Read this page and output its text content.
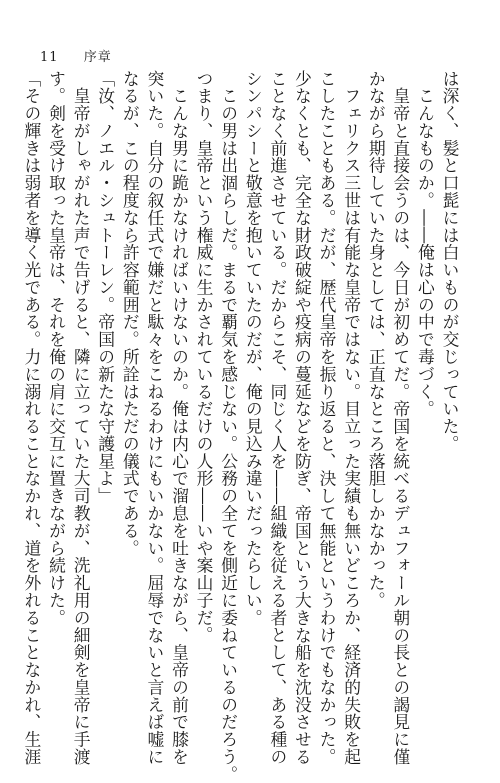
11 序章
は深く、髪と口髭には白いものが交じっていた。
　こんなものか。――俺は心の中で毒づく。
　皇帝と直接会うのは、今日が初めてだ。帝国を統べるデュフォール朝の長との謁見に僅
かながら期待していた身としては、正直なところ落胆しかなかった。
　フェリクス三世は有能な皇帝ではない。目立った実績も無いどころか、経済的失敗を起
こしたこともある。だが、歴代皇帝を振り返ると、決して無能というわけでもなかった。
少なくとも、完全な財政破綻や疫病の蔓延などを防ぎ、帝国という大きな船を沈没させる
ことなく前進させている。だからこそ、同じく人を――組織を従える者として、ある種の
シンパシーと敬意を抱いていたのだが、俺の見込み違いだったらしい。
　この男は出涸らしだ。まるで覇気を感じない。公務の全てを側近に委ねているのだろう。
つまり、皇帝という権威に生かされているだけの人形――いや案山子だ。
　こんな男に跪かなければいけないのか。俺は内心で溜息を吐きながら、皇帝の前で膝を
突いた。自分の叙任式で嫌だと駄々をこねるわけにもいかない。屈辱でないと言えば嘘に
なるが、この程度なら許容範囲だ。所詮はただの儀式である。
「汝、ノエル・シュトーレン。帝国の新たな守護星よ」
　皇帝がしゃがれた声で告げると、隣に立っていた大司教が、洗礼用の細剣を皇帝に手渡
す。剣を受け取った皇帝は、それを俺の肩に交互に置きながら続けた。
「その輝きは弱者を導く光である。力に溺れることなかれ、道を外れることなかれ、生涯
